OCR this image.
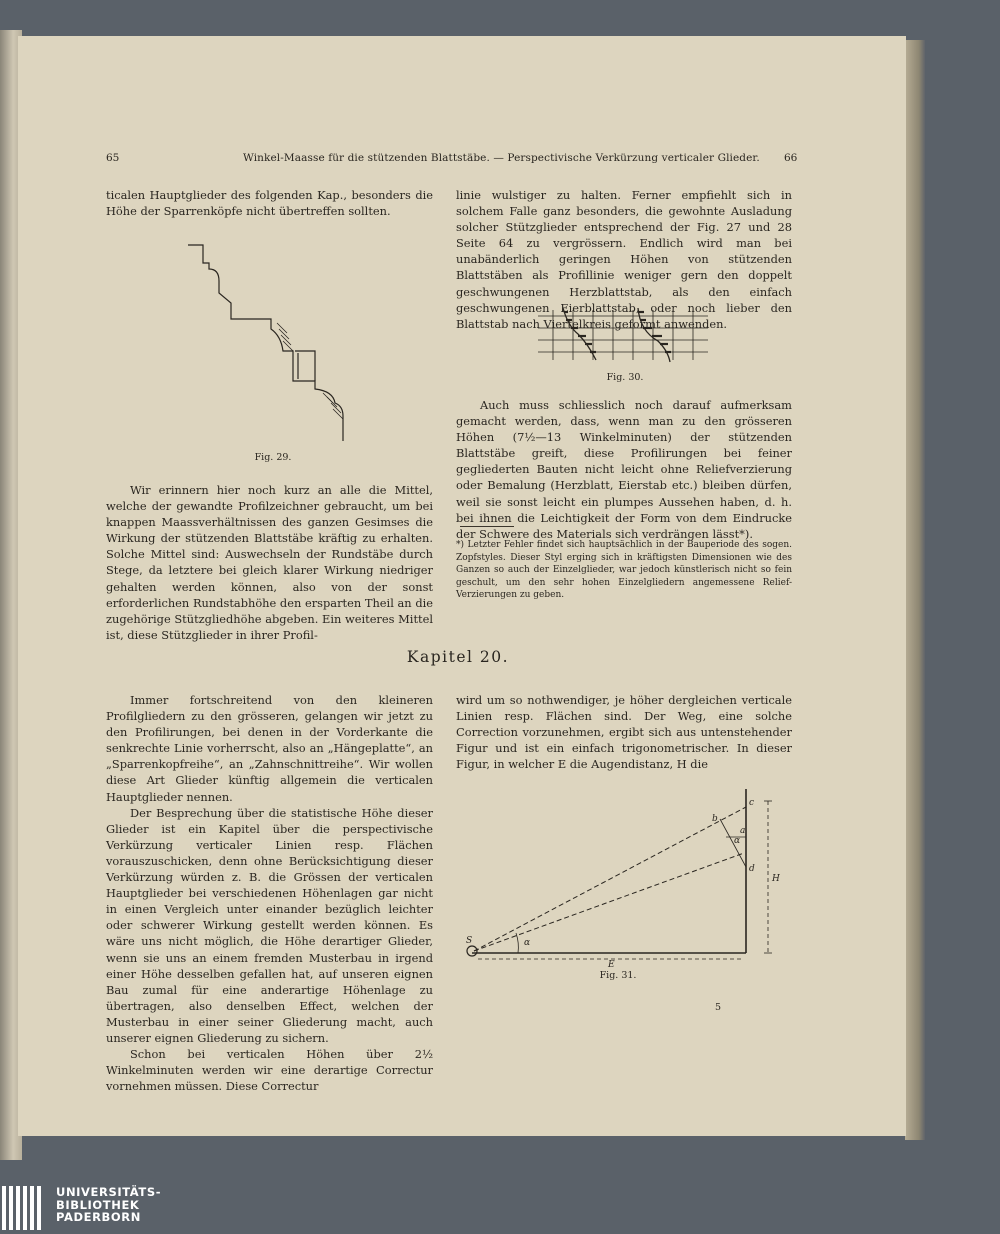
65	Winkel-Maasse für die stützenden Blattstäbe. — Perspectivische Verkürzung verticaler Glieder. 66

ticalen Hauptglieder des folgenden Kap., besonders die Höhe der Sparrenköpfe nicht übertreffen sollten.

Fig. 29.

Wir erinnern hier noch kurz an alle die Mittel, welche der gewandte Profilzeichner gebraucht, um bei knappen Maassverhältnissen des ganzen Gesimses die Wirkung der stützenden Blattstäbe kräftig zu erhalten. Solche Mittel sind: Auswechseln der Rundstäbe durch Stege, da letztere bei gleich klarer Wirkung niedriger gehalten werden können, also von der sonst erforderlichen Rundstabhöhe den ersparten Theil an die zugehörige Stützgliedhöhe abgeben. Ein weiteres Mittel ist, diese Stützglieder in ihrer Profil-

linie wulstiger zu halten. Ferner empfiehlt sich in solchem Falle ganz besonders, die gewohnte Ausladung solcher Stützglieder entsprechend der Fig. 27 und 28 Seite 64 zu vergrössern. Endlich wird man bei unabänderlich geringen Höhen von stützenden Blattstäben als Profillinie weniger gern den doppelt geschwungenen Herzblattstab, als den einfach geschwungenen Eierblattstab, oder noch lieber den Blattstab nach Viertelkreis geformt anwenden.

Fig. 30.

Auch muss schliesslich noch darauf aufmerksam gemacht werden, dass, wenn man zu den grösseren Höhen (7½—13 Winkelminuten) der stützenden Blattstäbe greift, diese Profilirungen bei feiner gegliederten Bauten nicht leicht ohne Reliefverzierung oder Bemalung (Herzblatt, Eierstab etc.) bleiben dürfen, weil sie sonst leicht ein plumpes Aussehen haben, d. h. bei ihnen die Leichtigkeit der Form von dem Eindrucke der Schwere des Materials sich verdrängen lässt*).

*) Letzter Fehler findet sich hauptsächlich in der Bauperiode des sogen. Zopfstyles. Dieser Styl erging sich in kräftigsten Dimensionen wie des Ganzen so auch der Einzelglieder, war jedoch künstlerisch nicht so fein geschult, um den sehr hohen Einzelgliedern angemessene Relief-Verzierungen zu geben.
Kapitel 20.

Immer fortschreitend von den kleineren Profilgliedern zu den grösseren, gelangen wir jetzt zu den Profilirungen, bei denen in der Vorderkante die senkrechte Linie vorherrscht, also an „Hängeplatte“, an „Sparrenkopfreihe“, an „Zahnschnittreihe“. Wir wollen diese Art Glieder künftig allgemein die verticalen Hauptglieder nennen.

Der Besprechung über die statistische Höhe dieser Glieder ist ein Kapitel über die perspectivische Verkürzung verticaler Linien resp. Flächen vorauszuschicken, denn ohne Berücksichtigung dieser Verkürzung würden z. B. die Grössen der verticalen Hauptglieder bei verschiedenen Höhenlagen gar nicht in einen Vergleich unter einander bezüglich leichter oder schwerer Wirkung gestellt werden können. Es wäre uns nicht möglich, die Höhe derartiger Glieder, wenn sie uns an einem fremden Musterbau in irgend einer Höhe desselben gefallen hat, auf unseren eignen Bau zumal für eine anderartige Höhenlage zu übertragen, also denselben Effect, welchen der Musterbau in einer seiner Gliederung macht, auch unserer eignen Gliederung zu sichern.

Schon bei verticalen Höhen über 2½ Winkelminuten werden wir eine derartige Correctur vornehmen müssen. Diese Correctur

wird um so nothwendiger, je höher dergleichen verticale Linien resp. Flächen sind. Der Weg, eine solche Correction vorzunehmen, ergibt sich aus untenstehender Figur und ist ein einfach trigonometrischer. In dieser Figur, in welcher E die Augendistanz, H die

S	α
α
a
b
c
d
E
H
Fig. 31.
5
UNIVERSITÄTS-
BIBLIOTHEK
PADERBORN
